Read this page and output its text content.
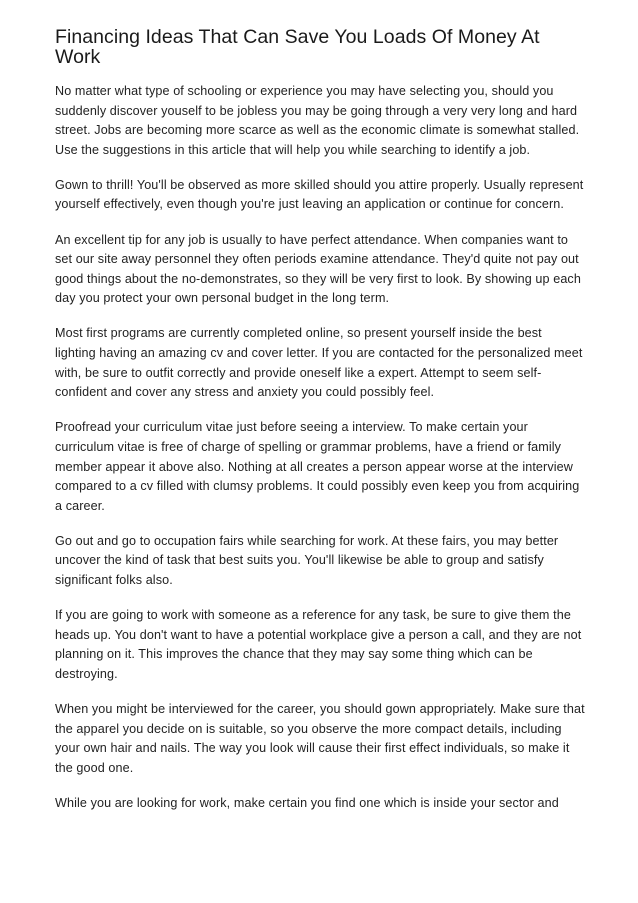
Financing Ideas That Can Save You Loads Of Money At Work

No matter what type of schooling or experience you may have selecting you, should you suddenly discover youself to be jobless you may be going through a very very long and hard street. Jobs are becoming more scarce as well as the economic climate is somewhat stalled. Use the suggestions in this article that will help you while searching to identify a job.

Gown to thrill! You'll be observed as more skilled should you attire properly. Usually represent yourself effectively, even though you're just leaving an application or continue for concern.

An excellent tip for any job is usually to have perfect attendance. When companies want to set our site away personnel they often periods examine attendance. They'd quite not pay out good things about the no-demonstrates, so they will be very first to look. By showing up each day you protect your own personal budget in the long term.

Most first programs are currently completed online, so present yourself inside the best lighting having an amazing cv and cover letter. If you are contacted for the personalized meet with, be sure to outfit correctly and provide oneself like a expert. Attempt to seem self-confident and cover any stress and anxiety you could possibly feel.

Proofread your curriculum vitae just before seeing a interview. To make certain your curriculum vitae is free of charge of spelling or grammar problems, have a friend or family member appear it above also. Nothing at all creates a person appear worse at the interview compared to a cv filled with clumsy problems. It could possibly even keep you from acquiring a career.

Go out and go to occupation fairs while searching for work. At these fairs, you may better uncover the kind of task that best suits you. You'll likewise be able to group and satisfy significant folks also.

If you are going to work with someone as a reference for any task, be sure to give them the heads up. You don't want to have a potential workplace give a person a call, and they are not planning on it. This improves the chance that they may say some thing which can be destroying.

When you might be interviewed for the career, you should gown appropriately. Make sure that the apparel you decide on is suitable, so you observe the more compact details, including your own hair and nails. The way you look will cause their first effect individuals, so make it the good one.

While you are looking for work, make certain you find one which is inside your sector and
